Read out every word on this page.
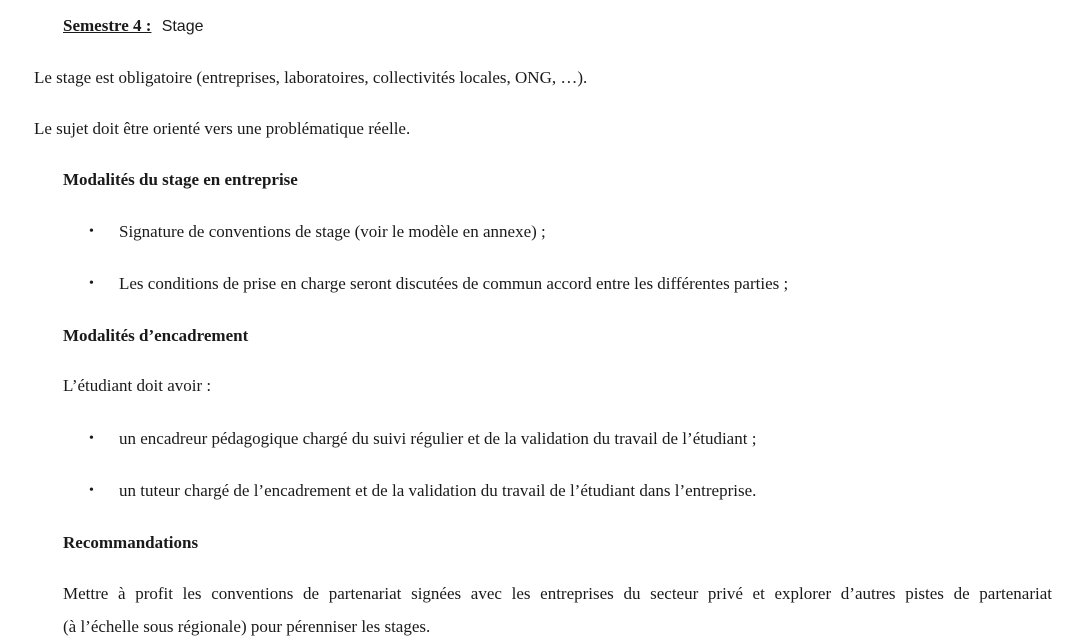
Semestre 4 : Stage
Le stage est obligatoire (entreprises, laboratoires, collectivités locales, ONG, …).
Le sujet doit être orienté vers une problématique réelle.
Modalités du stage en entreprise
• Signature de conventions de stage (voir le modèle en annexe) ;
• Les conditions de prise en charge seront discutées de commun accord entre les différentes parties ;
Modalités d’encadrement
L’étudiant doit avoir :
• un encadreur pédagogique chargé du suivi régulier et de la validation du travail de l’étudiant ;
• un tuteur chargé de l’encadrement et de la validation du travail de l’étudiant dans l’entreprise.
Recommandations
Mettre à profit les conventions de partenariat signées avec les entreprises du secteur privé et explorer d’autres pistes de partenariat
(à l’échelle sous régionale) pour pérenniser les stages.
